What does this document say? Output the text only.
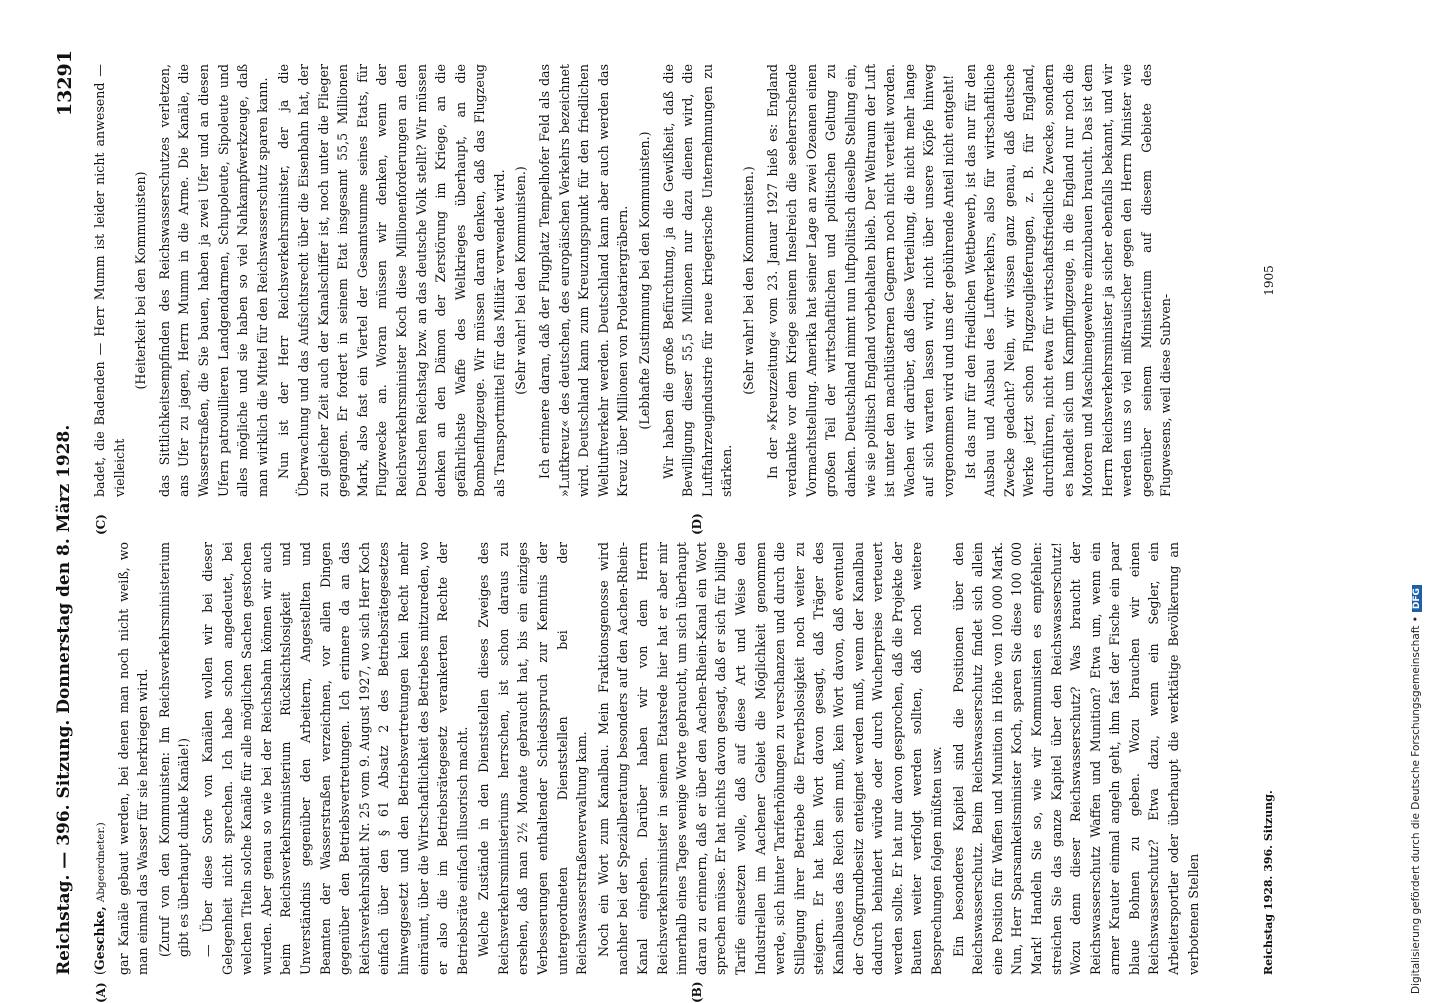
Reichstag. — 396. Sitzung. Donnerstag den 8. März 1928.
13291

(Geschke, Abgeordneter.) gar Kanäle gebaut werden, bei denen man noch nicht weiß, wo man einmal das Wasser für sie herkriegen wird. (Zuruf von den Kommunisten: Im Reichsverkehrsministerium gibt es überhaupt dunkle Kanäle!) — Über diese Sorte von Kanälen wollen wir bei dieser Gelegenheit nicht sprechen. Ich habe schon angedeutet, bei welchen Titeln solche Kanäle für alle möglichen Sachen gestochen wurden. Aber genau so wie bei der Reichsbahn können wir auch beim Reichsverkehrsministerium Rücksichtslosigkeit und Unverständnis gegenüber den Arbeitern, Angestellten und Beamten der Wasserstraßen verzeichnen, vor allen Dingen gegenüber den Betriebsvertretungen. Ich erinnere da an das Reichsverkehrsblatt Nr. 25 vom 9. August 1927, wo sich Herr Koch einfach über den § 61 Absatz 2 des Betriebsrätegesetzes hinweggesetzt und den Betriebsvertretungen kein Recht mehr einräumt, über die Wirtschaftlichkeit des Betriebes mitzureden, wo er also die im Betriebsrätegesetz verankerten Rechte der Betriebsräte einfach illusorisch macht. Welche Zustände in den Dienststellen dieses Zweiges des Reichsverkehrsministeriums herrschen, ist schon daraus zu ersehen, daß man 2½ Monate gebraucht hat, bis ein einziges Verbesserungen enthaltender Schiedsspruch zur Kenntnis der untergeordneten Dienststellen bei der Reichswasserstraßenverwaltung kam. Noch ein Wort zum Kanalbau. Mein Fraktionsgenosse wird nachher bei der Spezialberatung besonders auf den Aachen-Rhein-Kanal eingehen. Darüber haben wir von dem Herrn Reichsverkehrsminister in seinem Etatsrede hier hat er aber mir innerhalb eines Tages wenige Worte gebraucht, um sich überhaupt daran zu erinnern, daß er über den Aachen-Rhein-Kanal ein Wort sprechen müsse. Er hat nichts davon gesagt, daß er sich für billige Tarife einsetzen wolle, daß auf diese Art und Weise den Industriellen im Aachener Gebiet die Möglichkeit genommen werde, sich hinter Tariferhöhungen zu verschanzen und durch die Stillegung ihrer Betriebe die Erwerbslosigkeit noch weiter zu steigern. Er hat kein Wort davon gesagt, daß Träger des Kanalbaues das Reich sein muß, kein Wort davon, daß eventuell der Großgrundbesitz enteignet werden muß, wenn der Kanalbau dadurch behindert würde oder durch Wucherpreise verteuert werden sollte. Er hat nur davon gesprochen, daß die Projekte der Bauten weiter verfolgt werden sollten, daß noch weitere Besprechungen folgen müßten usw. Ein besonderes Kapitel sind die Positionen über den Reichswasserschutz. Beim Reichswasserschutz findet sich allein eine Position für Waffen und Munition in Höhe von 100 000 Mark. Nun, Herr Sparsamkeitsminister Koch, sparen Sie diese 100 000 Mark! Handeln Sie so, wie wir Kommunisten es empfehlen: streichen Sie das ganze Kapitel über den Reichswasserschutz! Wozu denn dieser Reichswasserschutz? Was braucht der Reichswasserschutz Waffen und Munition? Etwa um, wenn ein armer Krauter einmal angeln geht, ihm fast der Fische ein paar blaue Bohnen zu geben. Wozu brauchen wir einen Reichswasserschutz? Etwa dazu, wenn ein Segler, ein Arbeitersportler oder überhaupt die werktätige Bevölkerung an verbotenen Stellen

badet, die Badenden — Herr Mumm ist leider nicht anwesend — vielleicht

(Heiterkeit bei den Kommunisten) das Sittlichkeitsempfinden des Reichswasserschutzes verletzen, ans Ufer zu jagen, Herrn Mumm in die Arme. Die Kanäle, die Wasserstraßen, die Sie bauen, haben ja zwei Ufer und an diesen Ufern patrouillieren Landgendarmen, Schupoleute, Sipoleute und alles mögliche und sie haben so viel Nahkampfwerkzeuge, daß man wirklich die Mittel für den Reichswasserschutz sparen kann. Nun ist der Herr Reichsverkehrsminister, der ja die Überwachung und das Aufsichtsrecht über die Eisenbahn hat, der zu gleicher Zeit auch der Kanalschiffer ist, noch unter die Flieger gegangen. Er fordert in seinem Etat insgesamt 55,5 Millionen Mark, also fast ein Viertel der Gesamtsumme seines Etats, für Flugzwecke an. Woran müssen wir denken, wenn der Reichsverkehrsminister Koch diese Millionenforderungen an den Deutschen Reichstag bzw. an das deutsche Volk stellt? Wir müssen denken an den Dämon der Zerstörung im Kriege, an die gefährlichste Waffe des Weltkrieges überhaupt, an die Bombenflugzeuge. Wir müssen daran denken, daß das Flugzeug als Transportmittel für das Militär verwendet wird. (Sehr wahr! bei den Kommunisten.) Ich erinnere daran, daß der Flugplatz Tempelhofer Feld als das »Luftkreuz« des deutschen, des europäischen Verkehrs bezeichnet wird. Deutschland kann zum Kreuzungspunkt für den friedlichen Weltluftverkehr werden. Deutschland kann aber auch werden das Kreuz über Millionen von Proletariergräbern. (Lebhafte Zustimmung bei den Kommunisten.) Wir haben die große Befürchtung, ja die Gewißheit, daß die Bewilligung dieser 55,5 Millionen nur dazu dienen wird, die Luftfahrzeugindustrie für neue kriegerische Unternehmungen zu stärken.

(Sehr wahr! bei den Kommunisten.) In der »Kreuzzeitung« vom 23. Januar 1927 hieß es: England verdankte vor dem Kriege seinem Inselreich die seeherrschende Vormachtstellung. Amerika hat seiner Lage an zwei Ozeanen einen großen Teil der wirtschaftlichen und politischen Geltung zu danken. Deutschland nimmt nun luftpolitisch dieselbe Stellung ein, wie sie politisch England vorbehalten blieb. Der Weltraum der Luft ist unter den machtlüsternen Gegnern noch nicht verteilt worden. Wachen wir darüber, daß diese Verteilung, die nicht mehr lange auf sich warten lassen wird, nicht über unsere Köpfe hinweg vorgenommen wird und uns der gebührende Anteil nicht entgeht! Ist das nur für den friedlichen Wettbewerb, ist das nur für den Ausbau und Ausbau des Luftverkehrs, also für wirtschaftliche Zwecke gedacht? Nein, wir wissen ganz genau, daß deutsche Werke jetzt schon Flugzeuglieferungen, z. B. für England, durchführen, nicht etwa für wirtschaftsfriedliche Zwecke, sondern es handelt sich um Kampfflugzeuge, in die England nur noch die Motoren und Maschinengewehre einzubauen braucht. Das ist dem Herrn Reichsverkehrsminister ja sicher ebenfalls bekannt, und wir werden uns so viel mißtrauischer gegen den Herrn Minister wie gegenüber seinem Ministerium auf diesem Gebiete des Flugwesens, weil diese Subven-

(A)	(B)
(C)	(D)
Reichstag 1928. 396. Sitzung.
1905
Digitalisierung gefördert durch die Deutsche Forschungsgemeinschaft •DFG
